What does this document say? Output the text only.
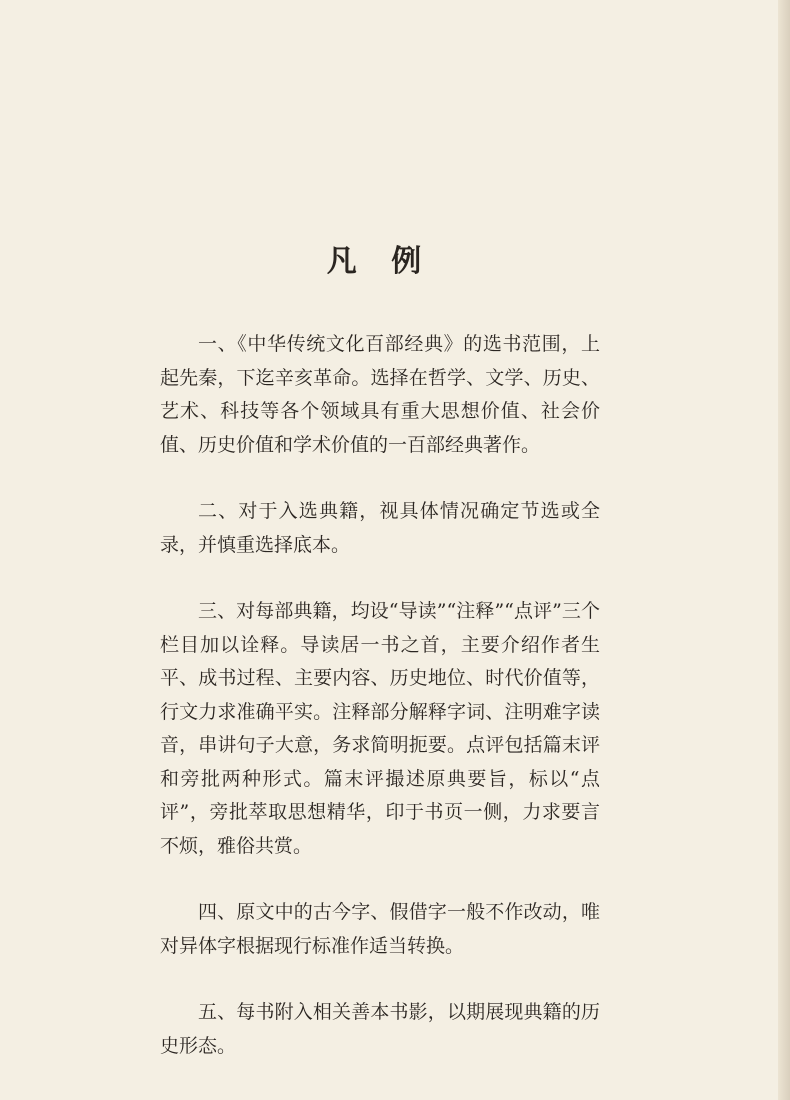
凡 例

一、《中华传统文化百部经典》的选书范围，上起先秦，下迄辛亥革命。选择在哲学、文学、历史、艺术、科技等各个领域具有重大思想价值、社会价值、历史价值和学术价值的一百部经典著作。

二、对于入选典籍，视具体情况确定节选或全录，并慎重选择底本。

三、对每部典籍，均设“导读”“注释”“点评”三个栏目加以诠释。导读居一书之首，主要介绍作者生平、成书过程、主要内容、历史地位、时代价值等，行文力求准确平实。注释部分解释字词、注明难字读音，串讲句子大意，务求简明扼要。点评包括篇末评和旁批两种形式。篇末评撮述原典要旨，标以“点评”，旁批萃取思想精华，印于书页一侧，力求要言不烦，雅俗共赏。

四、原文中的古今字、假借字一般不作改动，唯对异体字根据现行标准作适当转换。

五、每书附入相关善本书影，以期展现典籍的历史形态。
